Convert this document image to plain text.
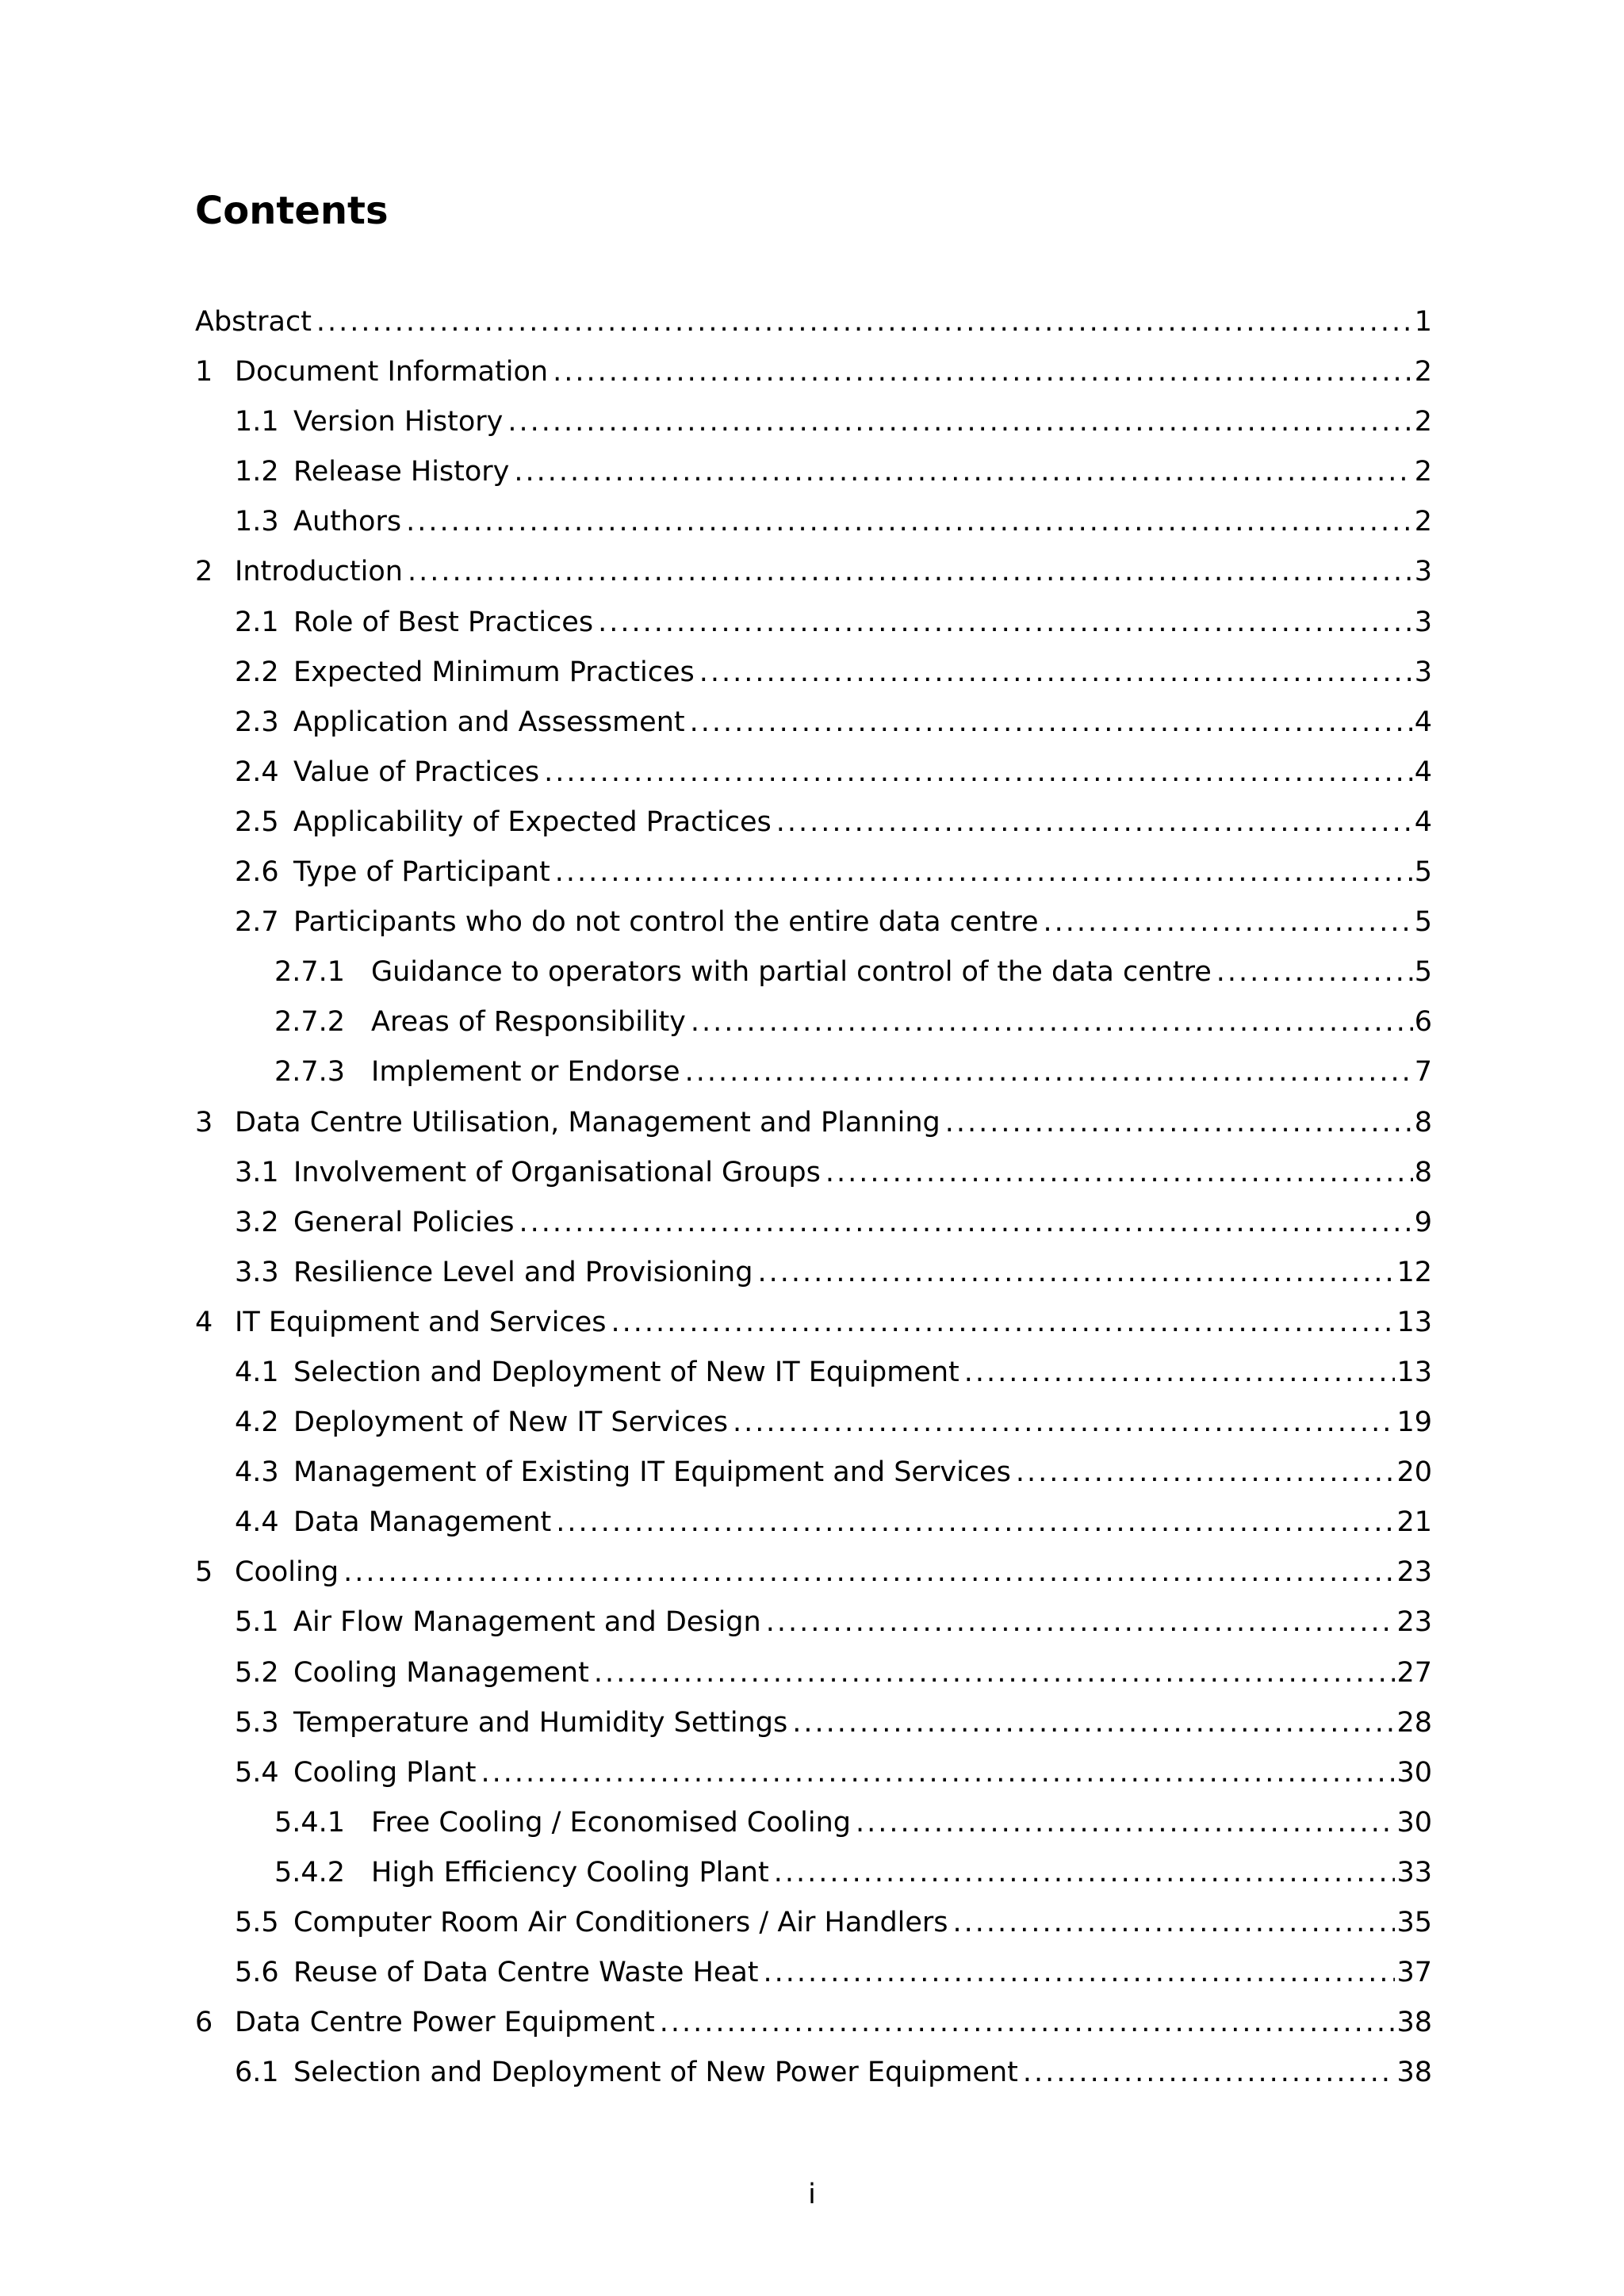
Contents
Abstract .....	1
1 Document Information .....	2
1.1 Version History .....	2
1.2 Release History .....	2
1.3 Authors .....	2
2 Introduction .....	3
2.1 Role of Best Practices .....	3
2.2 Expected Minimum Practices .....	3
2.3 Application and Assessment .....	4
2.4 Value of Practices .....	4
2.5 Applicability of Expected Practices .....	4
2.6 Type of Participant .....	5
2.7 Participants who do not control the entire data centre .....	5
2.7.1 Guidance to operators with partial control of the data centre .....	5
2.7.2 Areas of Responsibility .....	6
2.7.3 Implement or Endorse .....	7
3 Data Centre Utilisation, Management and Planning .....	8
3.1 Involvement of Organisational Groups .....	8
3.2 General Policies .....	9
3.3 Resilience Level and Provisioning .....	12
4 IT Equipment and Services .....	13
4.1 Selection and Deployment of New IT Equipment .....	13
4.2 Deployment of New IT Services .....	19
4.3 Management of Existing IT Equipment and Services .....	20
4.4 Data Management .....	21
5 Cooling .....	23
5.1 Air Flow Management and Design .....	23
5.2 Cooling Management .....	27
5.3 Temperature and Humidity Settings .....	28
5.4 Cooling Plant .....	30
5.4.1 Free Cooling / Economised Cooling .....	30
5.4.2 High Efficiency Cooling Plant .....	33
5.5 Computer Room Air Conditioners / Air Handlers .....	35
5.6 Reuse of Data Centre Waste Heat .....	37
6 Data Centre Power Equipment .....	38
6.1 Selection and Deployment of New Power Equipment .....	38
i
